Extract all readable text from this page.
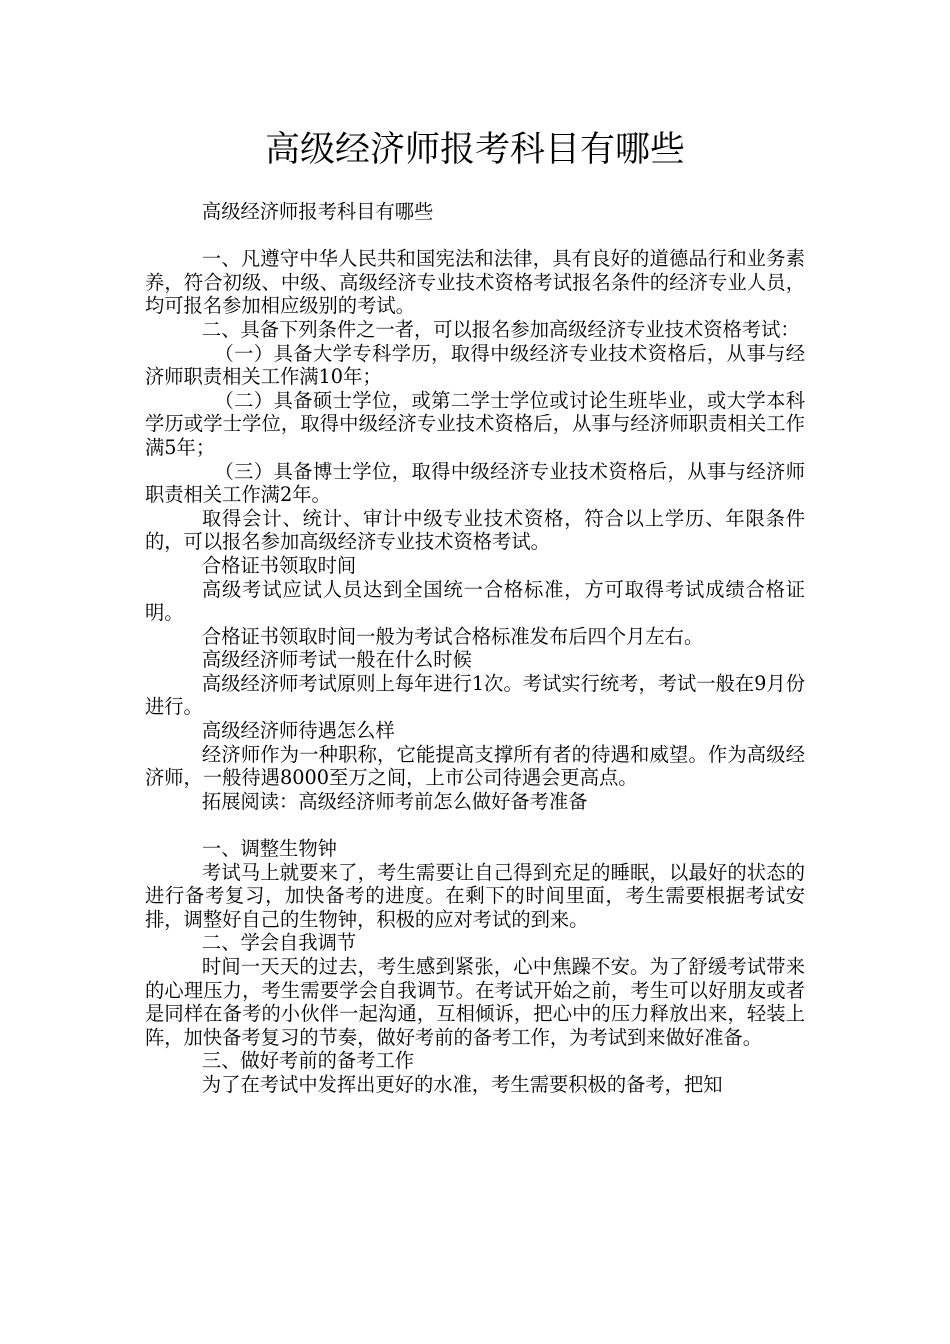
高级经济师报考科目有哪些

高级经济师报考科目有哪些

一、凡遵守中华人民共和国宪法和法律，具有良好的道德品行和业务素养，符合初级、中级、高级经济专业技术资格考试报名条件的经济专业人员，均可报名参加相应级别的考试。

二、具备下列条件之一者，可以报名参加高级经济专业技术资格考试：

（一）具备大学专科学历，取得中级经济专业技术资格后，从事与经济师职责相关工作满10年；

（二）具备硕士学位，或第二学士学位或讨论生班毕业，或大学本科学历或学士学位，取得中级经济专业技术资格后，从事与经济师职责相关工作满5年；

（三）具备博士学位，取得中级经济专业技术资格后，从事与经济师职责相关工作满2年。

取得会计、统计、审计中级专业技术资格，符合以上学历、年限条件的，可以报名参加高级经济专业技术资格考试。

合格证书领取时间

高级考试应试人员达到全国统一合格标准，方可取得考试成绩合格证明。

合格证书领取时间一般为考试合格标准发布后四个月左右。

高级经济师考试一般在什么时候

高级经济师考试原则上每年进行1次。考试实行统考，考试一般在9月份进行。

高级经济师待遇怎么样

经济师作为一种职称，它能提高支撑所有者的待遇和威望。作为高级经济师，一般待遇8000至万之间，上市公司待遇会更高点。

拓展阅读：高级经济师考前怎么做好备考准备

一、调整生物钟

考试马上就要来了，考生需要让自己得到充足的睡眠，以最好的状态的进行备考复习，加快备考的进度。在剩下的时间里面，考生需要根据考试安排，调整好自己的生物钟，积极的应对考试的到来。

二、学会自我调节

时间一天天的过去，考生感到紧张，心中焦躁不安。为了舒缓考试带来的心理压力，考生需要学会自我调节。在考试开始之前，考生可以好朋友或者是同样在备考的小伙伴一起沟通，互相倾诉，把心中的压力释放出来，轻装上阵，加快备考复习的节奏，做好考前的备考工作，为考试到来做好准备。

三、做好考前的备考工作

为了在考试中发挥出更好的水准，考生需要积极的备考，把知
